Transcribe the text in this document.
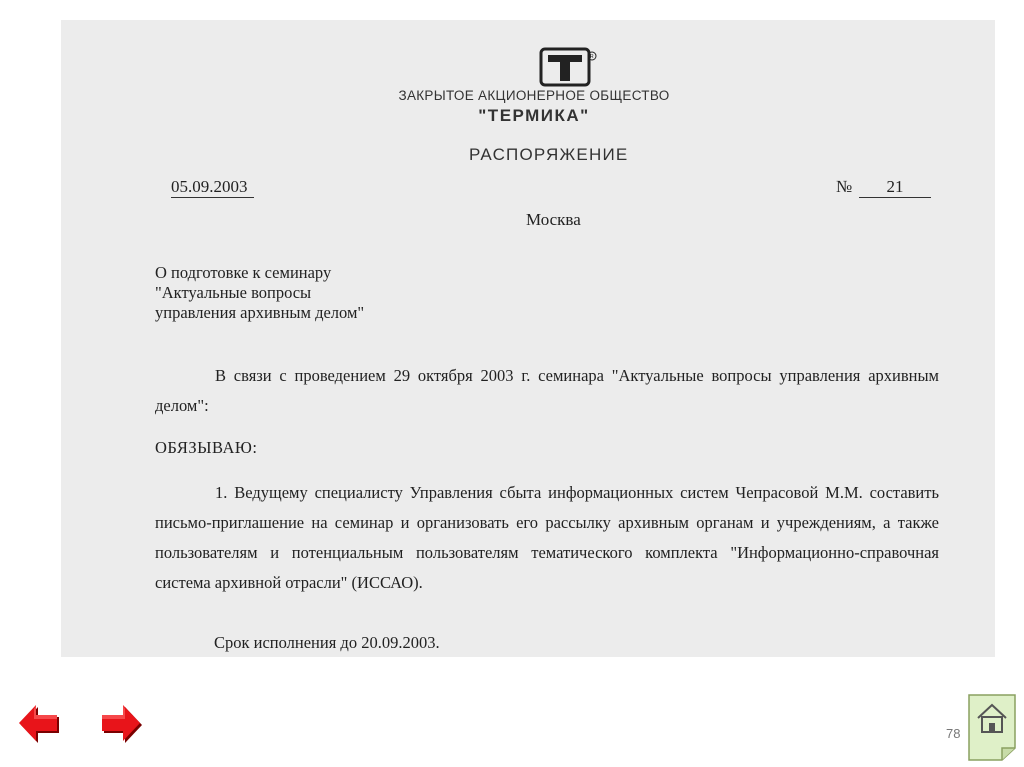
R
ЗАКРЫТОЕ АКЦИОНЕРНОЕ ОБЩЕСТВО
"ТЕРМИКА"
РАСПОРЯЖЕНИЕ
05.09.2003	№	21
Москва
О подготовке к семинару
"Актуальные вопросы
управления архивным делом"
В связи с проведением 29 октября 2003 г. семинара "Актуальные вопросы управления архивным делом":
ОБЯЗЫВАЮ:
1. Ведущему специалисту Управления сбыта информационных систем Чепрасовой М.М. составить письмо-приглашение на семинар и организовать его рассылку архивным органам и учреждениям, а также пользователям и потенциальным пользователям тематического комплекта "Информационно-справочная система архивной отрасли" (ИССАО).
Срок исполнения до 20.09.2003.
78
